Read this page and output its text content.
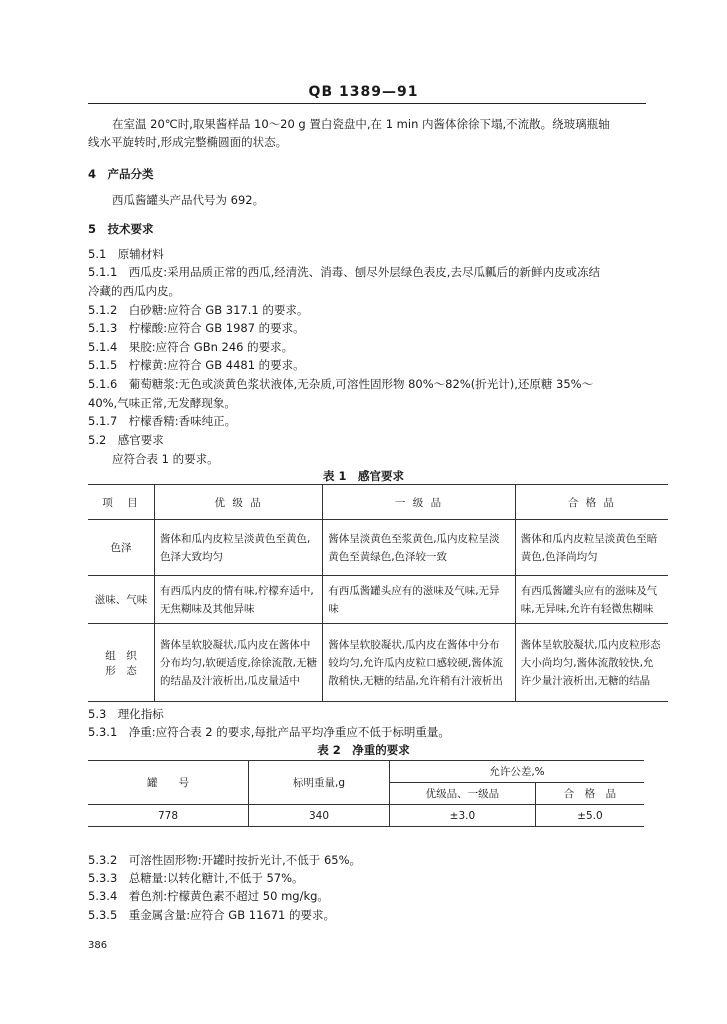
QB 1389—91
在室温 20℃时,取果酱样品 10～20 g 置白瓷盘中,在 1 min 内酱体徐徐下塌,不流散。绕玻璃瓶轴
线水平旋转时,形成完整椭圆面的状态。
4　产品分类
西瓜酱罐头产品代号为 692。
5　技术要求
5.1　原辅材料
5.1.1　西瓜皮:采用品质正常的西瓜,经清洗、消毒、刨尽外层绿色表皮,去尽瓜瓤后的新鲜内皮或冻结
冷藏的西瓜内皮。
5.1.2　白砂糖:应符合 GB 317.1 的要求。
5.1.3　柠檬酸:应符合 GB 1987 的要求。
5.1.4　果胶:应符合 GBn 246 的要求。
5.1.5　柠檬黄:应符合 GB 4481 的要求。
5.1.6　葡萄糖浆:无色或淡黄色浆状液体,无杂质,可溶性固形物 80%～82%(折光计),还原糖 35%～
40%,气味正常,无发酵现象。
5.1.7　柠檬香精:香味纯正。
5.2　感官要求
应符合表 1 的要求。
表 1　感官要求
项　目	优 级 品	一 级 品	合 格 品
色泽	酱体和瓜内皮粒呈淡黄色至黄色,色泽大致均匀	酱体呈淡黄色至浆黄色,瓜内皮粒呈淡黄色至黄绿色,色泽较一致	酱体和瓜内皮粒呈淡黄色至暗黄色,色泽尚均匀
滋味、气味	有西瓜内皮的情有味,柠檬弃适中,无焦糊味及其他异味	有西瓜酱罐头应有的滋味及气味,无异味	有西瓜酱罐头应有的滋味及气味,无异味,允许有轻微焦糊味
组　织
形　态	酱体呈软胶凝状,瓜内皮在酱体中分布均匀,软硬适度,徐徐流散,无糖的结晶及汁液析出,瓜皮量适中	酱体呈软胶凝状,瓜内皮在酱体中分布较均匀,允许瓜内皮粒口感较硬,酱体流散稍快,无糖的结晶,允许稍有汁液析出	酱体呈软胶凝状,瓜内皮粒形态大小尚均匀,酱体流散较快,允许少量汁液析出,无糖的结晶
5.3　理化指标
5.3.1　净重:应符合表 2 的要求,每批产品平均净重应不低于标明重量。
表 2　净重的要求
罐　　号	标明重量,g	允许公差,%	
		优级品、一级品	合　格　品
778	340	±3.0	±5.0
5.3.2　可溶性固形物:开罐时按折光计,不低于 65%。
5.3.3　总糖量:以转化糖计,不低于 57%。
5.3.4　着色剂:柠檬黄色素不超过 50 mg/kg。
5.3.5　重金属含量:应符合 GB 11671 的要求。
386
